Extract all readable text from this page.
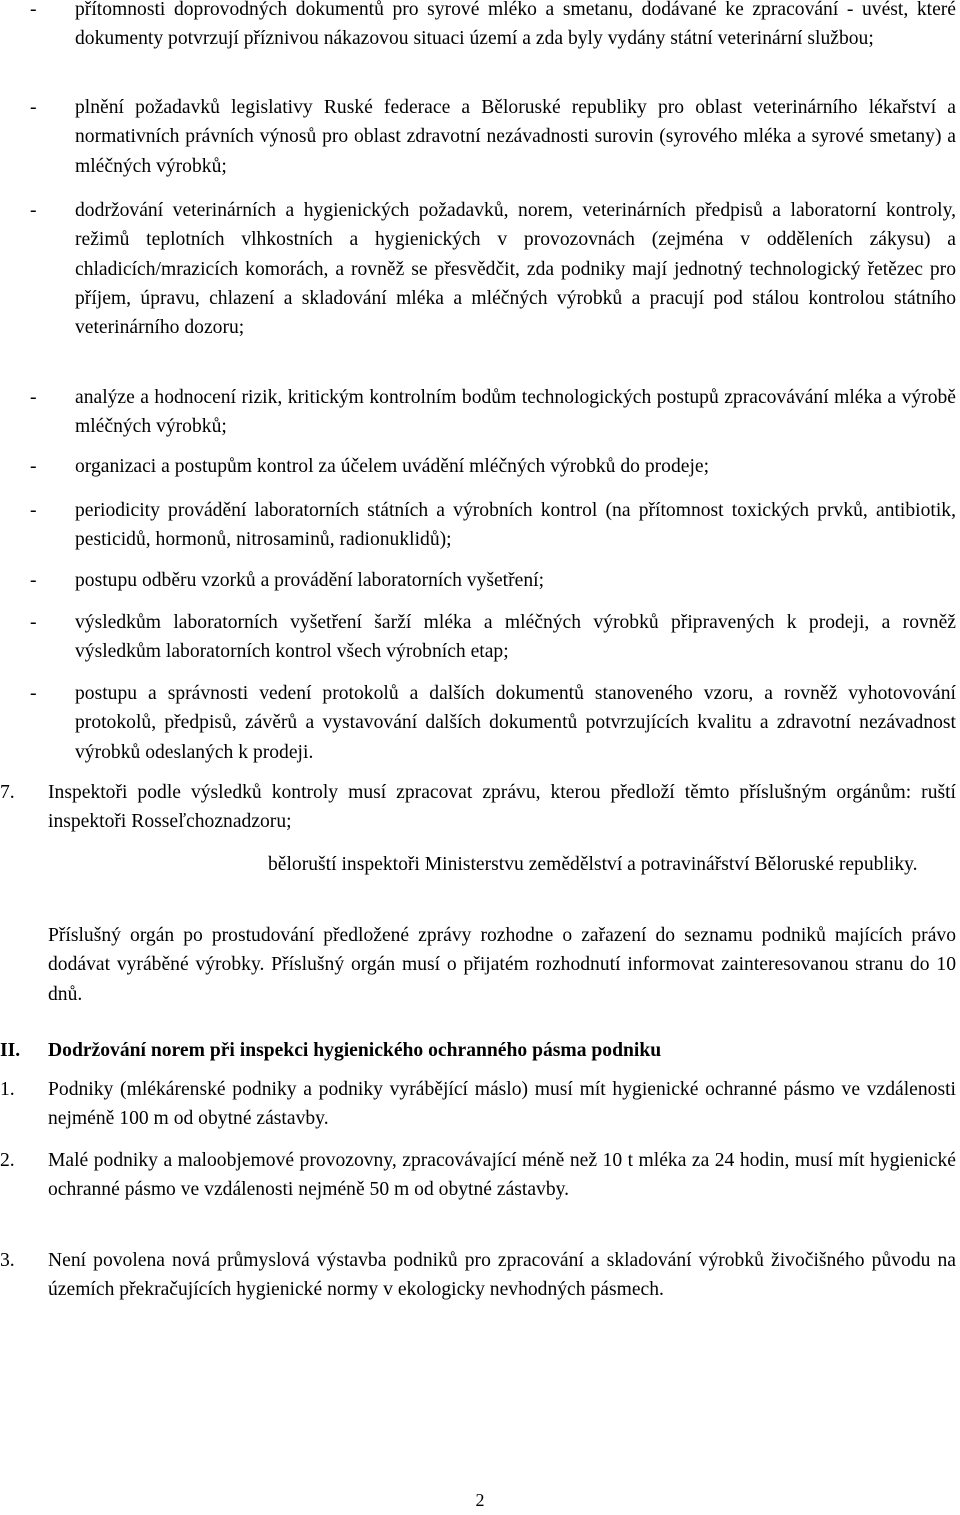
- přítomnosti doprovodných dokumentů pro syrové mléko a smetanu, dodávané ke zpracování - uvést, které dokumenty potvrzují příznivou nákazovou situaci území a zda byly vydány státní veterinární službou;
- plnění požadavků legislativy Ruské federace a Běloruské republiky pro oblast veterinárního lékařství a normativních právních výnosů pro oblast zdravotní nezávadnosti surovin (syrového mléka a syrové smetany) a mléčných výrobků;
- dodržování veterinárních a hygienických požadavků, norem, veterinárních předpisů a laboratorní kontroly, režimů teplotních vlhkostních a hygienických v provozovnách (zejména v odděleních zákysu) a chladicích/mrazicích komorách, a rovněž se přesvědčit, zda podniky mají jednotný technologický řetězec pro příjem, úpravu, chlazení a skladování mléka a mléčných výrobků a pracují pod stálou kontrolou státního veterinárního dozoru;
- analýze a hodnocení rizik, kritickým kontrolním bodům technologických postupů zpracovávání mléka a výrobě mléčných výrobků;
- organizaci a postupům kontrol za účelem uvádění mléčných výrobků do prodeje;
- periodicity provádění laboratorních státních a výrobních kontrol (na přítomnost toxických prvků, antibiotik, pesticidů, hormonů, nitrosaminů, radionuklidů);
- postupu odběru vzorků a provádění laboratorních vyšetření;
- výsledkům laboratorních vyšetření šarží mléka a mléčných výrobků připravených k prodeji, a rovněž výsledkům laboratorních kontrol všech výrobních etap;
- postupu a správnosti vedení protokolů a dalších dokumentů stanoveného vzoru, a rovněž vyhotovování protokolů, předpisů, závěrů a vystavování dalších dokumentů potvrzujících kvalitu a zdravotní nezávadnost výrobků odeslaných k prodeji.
7. Inspektoři podle výsledků kontroly musí zpracovat zprávu, kterou předloží těmto příslušným orgánům: ruští inspektoři Rosseľchoznadzoru;
běloruští inspektoři Ministerstvu zemědělství a potravinářství Běloruské republiky.
Příslušný orgán po prostudování předložené zprávy rozhodne o zařazení do seznamu podniků majících právo dodávat vyráběné výrobky. Příslušný orgán musí o přijatém rozhodnutí informovat zainteresovanou stranu do 10 dnů.
II. Dodržování norem při inspekci hygienického ochranného pásma podniku
1. Podniky (mlékárenské podniky a podniky vyrábějící máslo) musí mít hygienické ochranné pásmo ve vzdálenosti nejméně 100 m od obytné zástavby.
2. Malé podniky a maloobjemové provozovny, zpracovávající méně než 10 t mléka za 24 hodin, musí mít hygienické ochranné pásmo ve vzdálenosti nejméně 50 m od obytné zástavby.
3. Není povolena nová průmyslová výstavba podniků pro zpracování a skladování výrobků živočišného původu na územích překračujících hygienické normy v ekologicky nevhodných pásmech.
2
